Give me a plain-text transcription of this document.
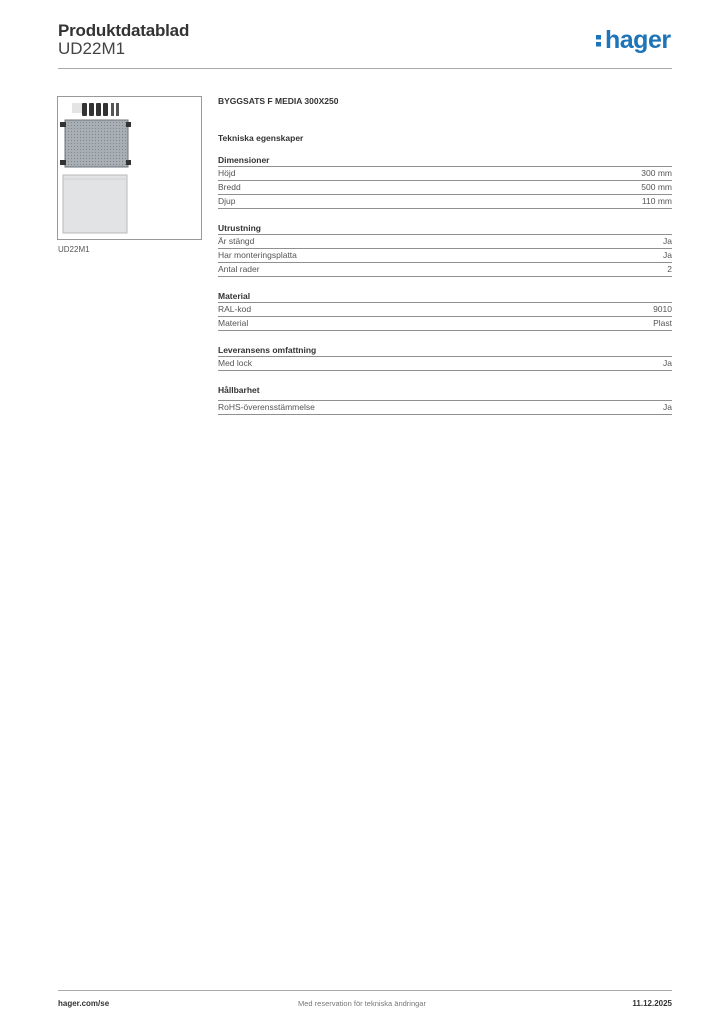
Produktdatablad
UD22M1	hager
UD22M1
BYGGSATS F MEDIA 300X250
Tekniska egenskaper
Dimensioner
Höjd	300 mm
Bredd	500 mm
Djup	110 mm
Utrustning
Är stängd	Ja
Har monteringsplatta	Ja
Antal rader	2
Material
RAL-kod	9010
Material	Plast
Leveransens omfattning
Med lock	Ja
Hållbarhet
RoHS-överensstämmelse	Ja
hager.com/se	Med reservation för tekniska ändringar	11.12.2025
